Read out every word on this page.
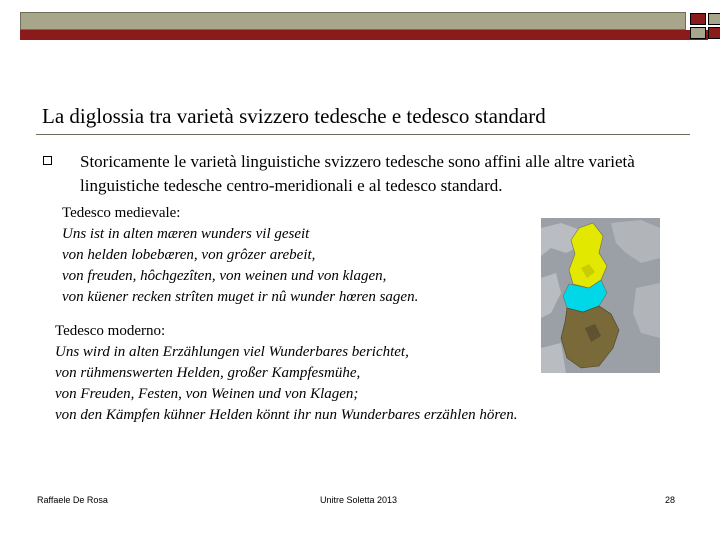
La diglossia tra varietà svizzero tedesche e tedesco standard
Storicamente le varietà linguistiche svizzero tedesche sono affini alle altre varietà linguistiche tedesche centro-meridionali e al tedesco standard.
Tedesco medievale:
Uns ist in alten mæren wunders vil geseit
von helden lobebæren, von grôzer arebeit,
von freuden, hôchgezîten, von weinen und von klagen,
von küener recken strîten muget ir nû wunder hœren sagen.
Tedesco moderno:
Uns wird in alten Erzählungen viel Wunderbares berichtet,
von rühmenswerten Helden, großer Kampfesmühe,
von Freuden, Festen, von Weinen und von Klagen;
von den Kämpfen kühner Helden könnt ihr nun Wunderbares erzählen hören.
Raffaele De Rosa	Unitre Soletta 2013	28
